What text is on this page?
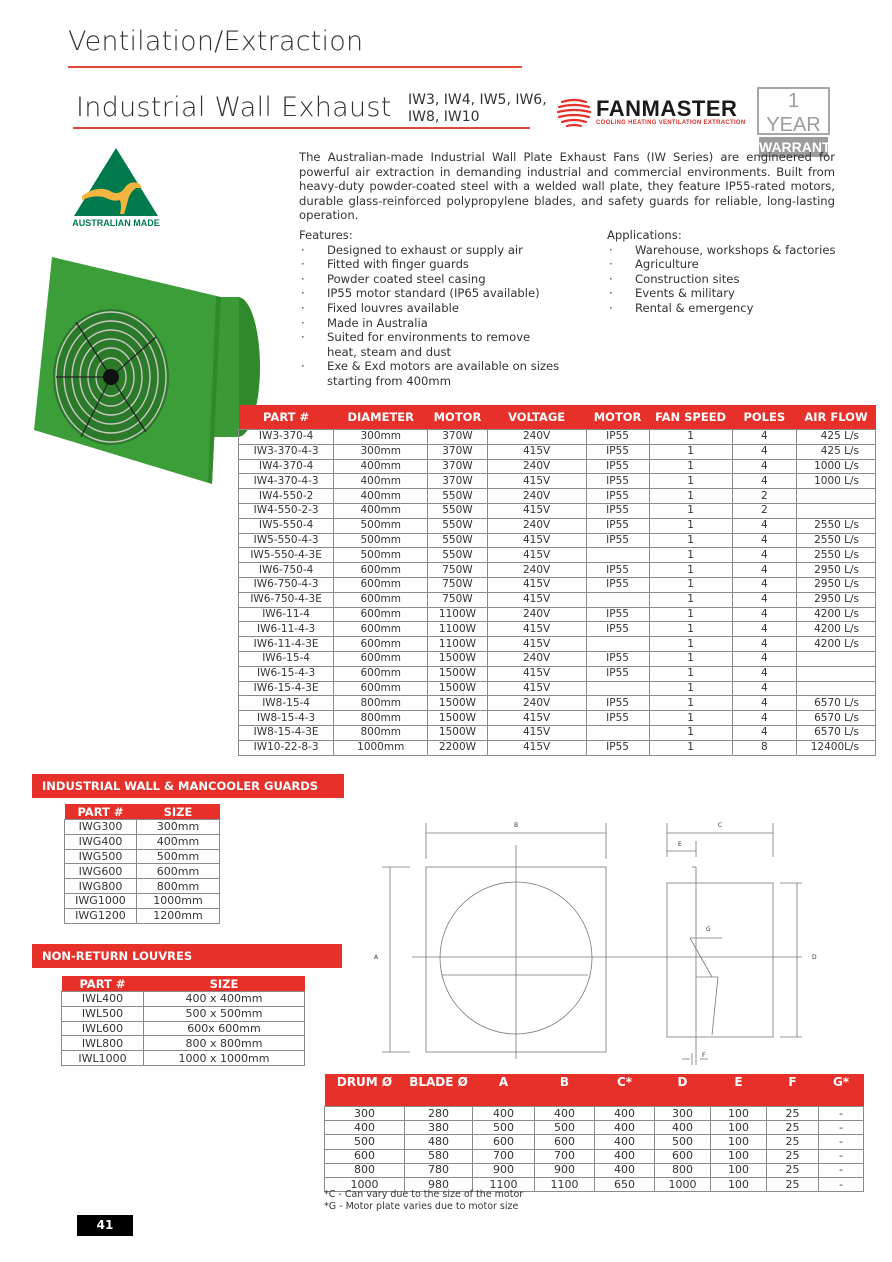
Ventilation/Extraction
Industrial Wall Exhaust IW3, IW4, IW5, IW6, IW8, IW10	FANMASTER
COOLING HEATING VENTILATION EXTRACTION
1 YEAR
WARRANTY
AUSTRALIAN MADE
The Australian-made Industrial Wall Plate Exhaust Fans (IW Series) are engineered for powerful air extraction in demanding industrial and commercial environments. Built from heavy-duty powder-coated steel with a welded wall plate, they feature IP55-rated motors, durable glass-reinforced polypropylene blades, and safety guards for reliable, long-lasting operation.
Features:
· Designed to exhaust or supply air
· Fitted with finger guards
· Powder coated steel casing
· IP55 motor standard (IP65 available)
· Fixed louvres available
· Made in Australia
· Suited for environments to remove heat, steam and dust
· Exe & Exd motors are available on sizes starting from 400mm
Applications:
· Warehouse, workshops & factories
· Agriculture
· Construction sites
· Events & military
· Rental & emergency
PART #	DIAMETER	MOTOR	VOLTAGE	MOTOR	FAN SPEED	POLES	AIR FLOW
IW3-370-4	300mm	370W	240V	IP55	1	4	425 L/s
IW3-370-4-3	300mm	370W	415V	IP55	1	4	425 L/s
IW4-370-4	400mm	370W	240V	IP55	1	4	1000 L/s
IW4-370-4-3	400mm	370W	415V	IP55	1	4	1000 L/s
IW4-550-2	400mm	550W	240V	IP55	1	2	
IW4-550-2-3	400mm	550W	415V	IP55	1	2	
IW5-550-4	500mm	550W	240V	IP55	1	4	2550 L/s
IW5-550-4-3	500mm	550W	415V	IP55	1	4	2550 L/s
IW5-550-4-3E	500mm	550W	415V		1	4	2550 L/s
IW6-750-4	600mm	750W	240V	IP55	1	4	2950 L/s
IW6-750-4-3	600mm	750W	415V	IP55	1	4	2950 L/s
IW6-750-4-3E	600mm	750W	415V		1	4	2950 L/s
IW6-11-4	600mm	1100W	240V	IP55	1	4	4200 L/s
IW6-11-4-3	600mm	1100W	415V	IP55	1	4	4200 L/s
IW6-11-4-3E	600mm	1100W	415V		1	4	4200 L/s
IW6-15-4	600mm	1500W	240V	IP55	1	4	
IW6-15-4-3	600mm	1500W	415V	IP55	1	4	
IW6-15-4-3E	600mm	1500W	415V		1	4	
IW8-15-4	800mm	1500W	240V	IP55	1	4	6570 L/s
IW8-15-4-3	800mm	1500W	415V	IP55	1	4	6570 L/s
IW8-15-4-3E	800mm	1500W	415V		1	4	6570 L/s
IW10-22-8-3	1000mm	2200W	415V	IP55	1	8	12400L/s
INDUSTRIAL WALL & MANCOOLER GUARDS
PART #	SIZE
IWG300	300mm
IWG400	400mm
IWG500	500mm
IWG600	600mm
IWG800	800mm
IWG1000	1000mm
IWG1200	1200mm
NON-RETURN LOUVRES
PART #	SIZE
IWL400	400 x 400mm
IWL500	500 x 500mm
IWL600	600x 600mm
IWL800	800 x 800mm
IWL1000	1000 x 1000mm
B
A
C
E
D
G
F
DRUM Ø	BLADE Ø	A	B	C*	D	E	F	G*
300	280	400	400	400	300	100	25	-
400	380	500	500	400	400	100	25	-
500	480	600	600	400	500	100	25	-
600	580	700	700	400	600	100	25	-
800	780	900	900	400	800	100	25	-
1000	980	1100	1100	650	1000	100	25	-
*C - Can vary due to the size of the motor
*G - Motor plate varies due to motor size
41
